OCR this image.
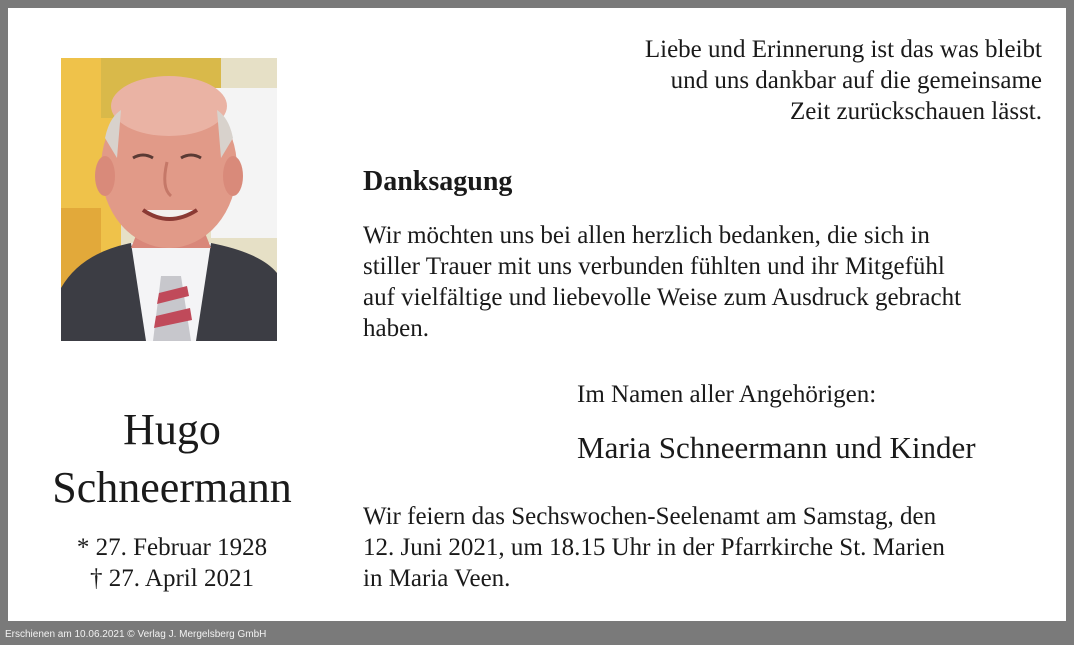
Hugo
Schneermann
* 27. Februar 1928
† 27. April 2021
Liebe und Erinnerung ist das was bleibt
und uns dankbar auf die gemeinsame
Zeit zurückschauen lässt.
Danksagung
Wir möchten uns bei allen herzlich bedanken, die sich in
stiller Trauer mit uns verbunden fühlten und ihr Mitgefühl
auf vielfältige und liebevolle Weise zum Ausdruck gebracht
haben.
Im Namen aller Angehörigen:
Maria Schneermann und Kinder
Wir feiern das Sechswochen-Seelenamt am Samstag, den
12. Juni 2021, um 18.15 Uhr in der Pfarrkirche St. Marien
in Maria Veen.
Erschienen am 10.06.2021 © Verlag J. Mergelsberg GmbH
